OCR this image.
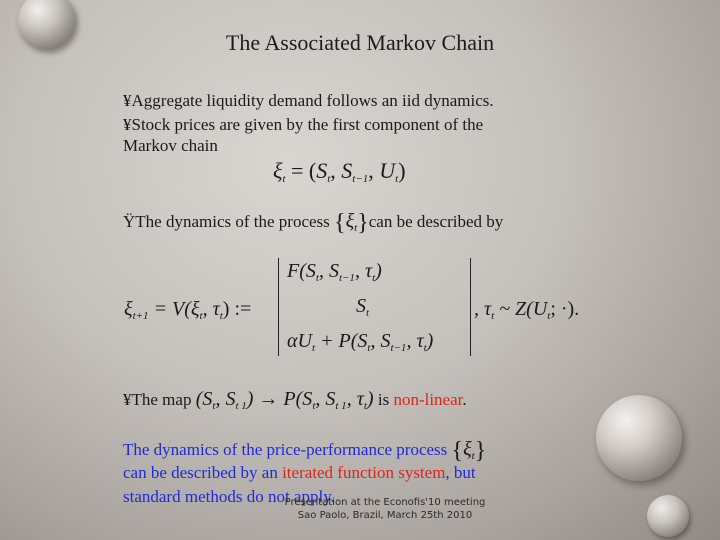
The Associated Markov Chain
¥Aggregate liquidity demand follows an iid dynamics.
¥Stock prices are given by the first component of the
Markov chain
$\xi_t = (S_t$, $S_{t-1}$, $U_t$)
ŸThe dynamics of the process $\{\xi_t\}can$ be described by
$\xi_{t+1} = V(\xi_t$, $\tau_t$) :=
$F(S_t$, $S_{t-1}$, $\tau_t$)
$S_t$
$\alpha U_t + P(S_t$, $S_{t-1}$, $\tau_t$)
, $\tau_t$ ~ $Z(U_t$; ·).
¥The map ($S_t$, $S_{t 1}) \to P(S_t$, $S_{t 1}$, $\tau_t$) is non-linear.
The dynamics of the price-performance process $\{\xi_t\}$
can be described by an iterated function system, but
standard methods do not apply.
Presentation at the Econofis'10 meeting Sao Paolo, Brazil, March 25th 2010
